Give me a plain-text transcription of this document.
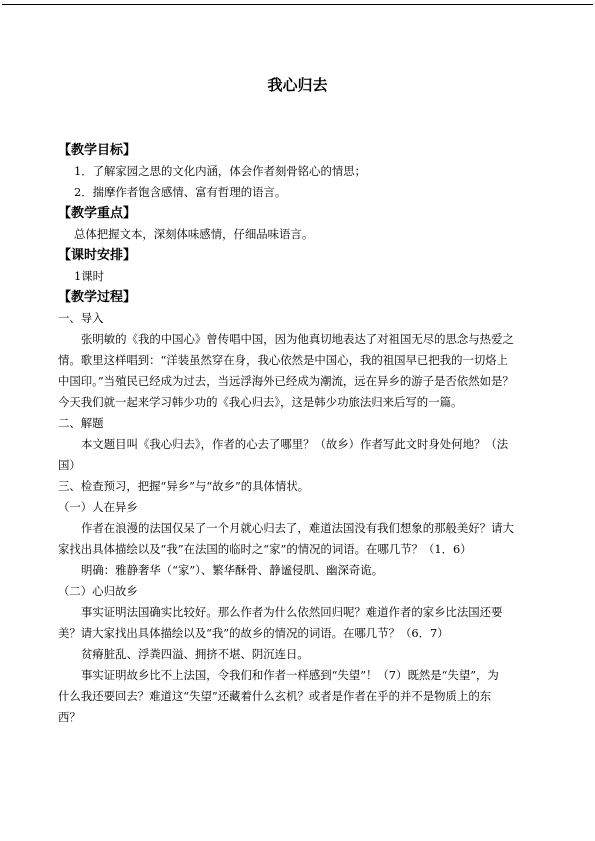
我心归去

【教学目标】

1．了解家园之思的文化内涵，体会作者刻骨铭心的情思；

2．揣摩作者饱含感情、富有哲理的语言。

【教学重点】

总体把握文本，深刻体味感情，仔细品味语言。

【课时安排】

1课时

【教学过程】

一、导入

张明敏的《我的中国心》曾传唱中国，因为他真切地表达了对祖国无尽的思念与热爱之

情。歌里这样唱到：“洋装虽然穿在身，我心依然是中国心，我的祖国早已把我的一切烙上

中国印。”当殖民已经成为过去，当远浮海外已经成为潮流，远在异乡的游子是否依然如是？

今天我们就一起来学习韩少功的《我心归去》，这是韩少功旅法归来后写的一篇。

二、解题

本文题目叫《我心归去》，作者的心去了哪里？（故乡）作者写此文时身处何地？（法

国）

三、检查预习，把握“异乡”与“故乡”的具体情状。

（一）人在异乡

作者在浪漫的法国仅呆了一个月就心归去了，难道法国没有我们想象的那般美好？请大

家找出具体描绘以及“我”在法国的临时之“家”的情况的词语。在哪几节？（1．6）

明确：雅静奢华（“家”）、繁华酥骨、静谧侵肌、幽深奇诡。

（二）心归故乡

事实证明法国确实比较好。那么作者为什么依然回归呢？难道作者的家乡比法国还要

美？请大家找出具体描绘以及“我”的故乡的情况的词语。在哪几节？（6．7）

贫瘠脏乱、浮粪四溢、拥挤不堪、阴沉连日。

事实证明故乡比不上法国，令我们和作者一样感到“失望”！（7）既然是“失望”，为

什么我还要回去？难道这“失望”还藏着什么玄机？或者是作者在乎的并不是物质上的东

西？
